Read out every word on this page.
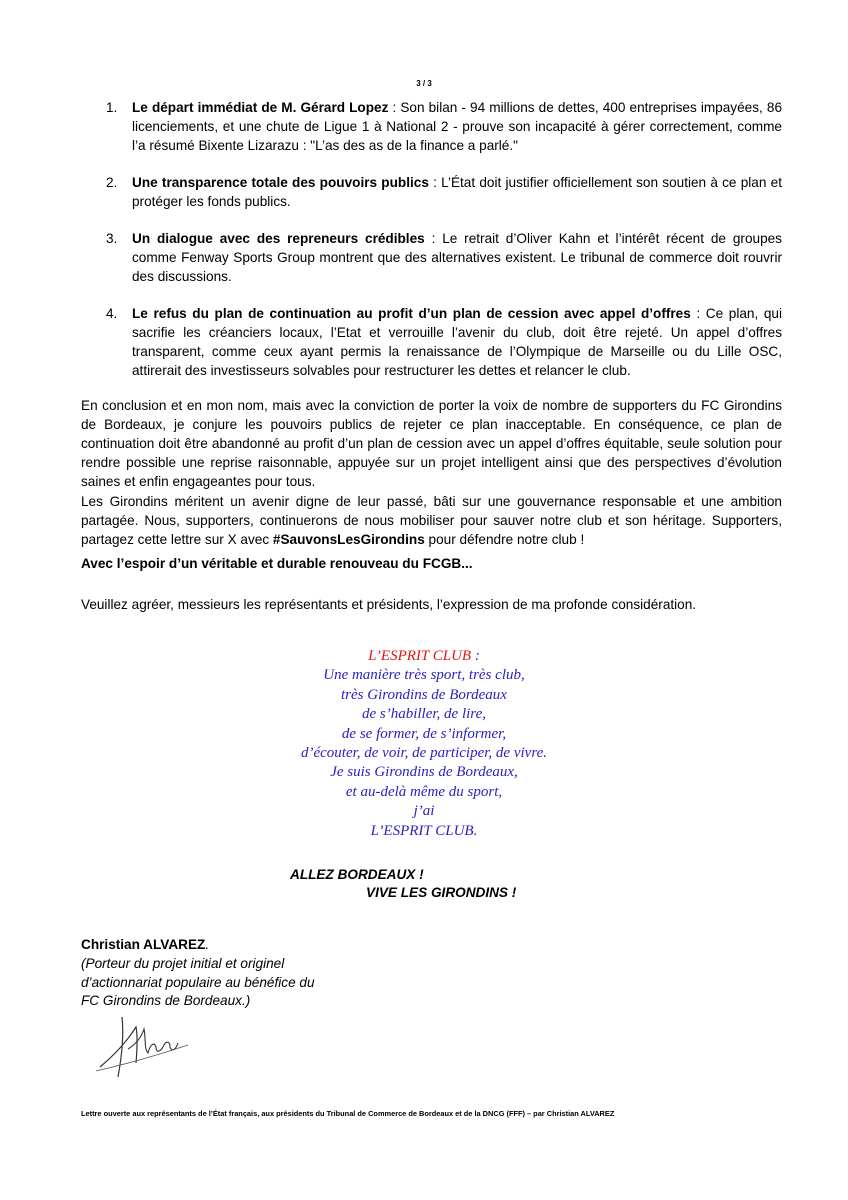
3 / 3
1. Le départ immédiat de M. Gérard Lopez : Son bilan - 94 millions de dettes, 400 entreprises impayées, 86 licenciements, et une chute de Ligue 1 à National 2 - prouve son incapacité à gérer correctement, comme l’a résumé Bixente Lizarazu : "L’as des as de la finance a parlé."
2. Une transparence totale des pouvoirs publics : L’État doit justifier officiellement son soutien à ce plan et protéger les fonds publics.
3. Un dialogue avec des repreneurs crédibles : Le retrait d’Oliver Kahn et l’intérêt récent de groupes comme Fenway Sports Group montrent que des alternatives existent. Le tribunal de commerce doit rouvrir des discussions.
4. Le refus du plan de continuation au profit d’un plan de cession avec appel d’offres : Ce plan, qui sacrifie les créanciers locaux, l’Etat et verrouille l’avenir du club, doit être rejeté. Un appel d’offres transparent, comme ceux ayant permis la renaissance de l’Olympique de Marseille ou du Lille OSC, attirerait des investisseurs solvables pour restructurer les dettes et relancer le club.

En conclusion et en mon nom, mais avec la conviction de porter la voix de nombre de supporters du FC Girondins de Bordeaux, je conjure les pouvoirs publics de rejeter ce plan inacceptable. En conséquence, ce plan de continuation doit être abandonné au profit d’un plan de cession avec un appel d’offres équitable, seule solution pour rendre possible une reprise raisonnable, appuyée sur un projet intelligent ainsi que des perspectives d’évolution saines et enfin engageantes pour tous.

Les Girondins méritent un avenir digne de leur passé, bâti sur une gouvernance responsable et une ambition partagée. Nous, supporters, continuerons de nous mobiliser pour sauver notre club et son héritage. Supporters, partagez cette lettre sur X avec #SauvonsLesGirondins pour défendre notre club !

Avec l’espoir d’un véritable et durable renouveau du FCGB...

Veuillez agréer, messieurs les représentants et présidents, l’expression de ma profonde considération.

L’ESPRIT CLUB :
Une manière très sport, très club,
très Girondins de Bordeaux
de s’habiller, de lire,
de se former, de s’informer,
d’écouter, de voir, de participer, de vivre.
Je suis Girondins de Bordeaux,
et au-delà même du sport,
j’ai
L’ESPRIT CLUB.
ALLEZ BORDEAUX !
VIVE LES GIRONDINS !
Christian ALVAREZ.
(Porteur du projet initial et originel
d’actionnariat populaire au bénéfice du
FC Girondins de Bordeaux.)
Lettre ouverte aux représentants de l’État français, aux présidents du Tribunal de Commerce de Bordeaux et de la DNCG (FFF) – par Christian ALVAREZ
